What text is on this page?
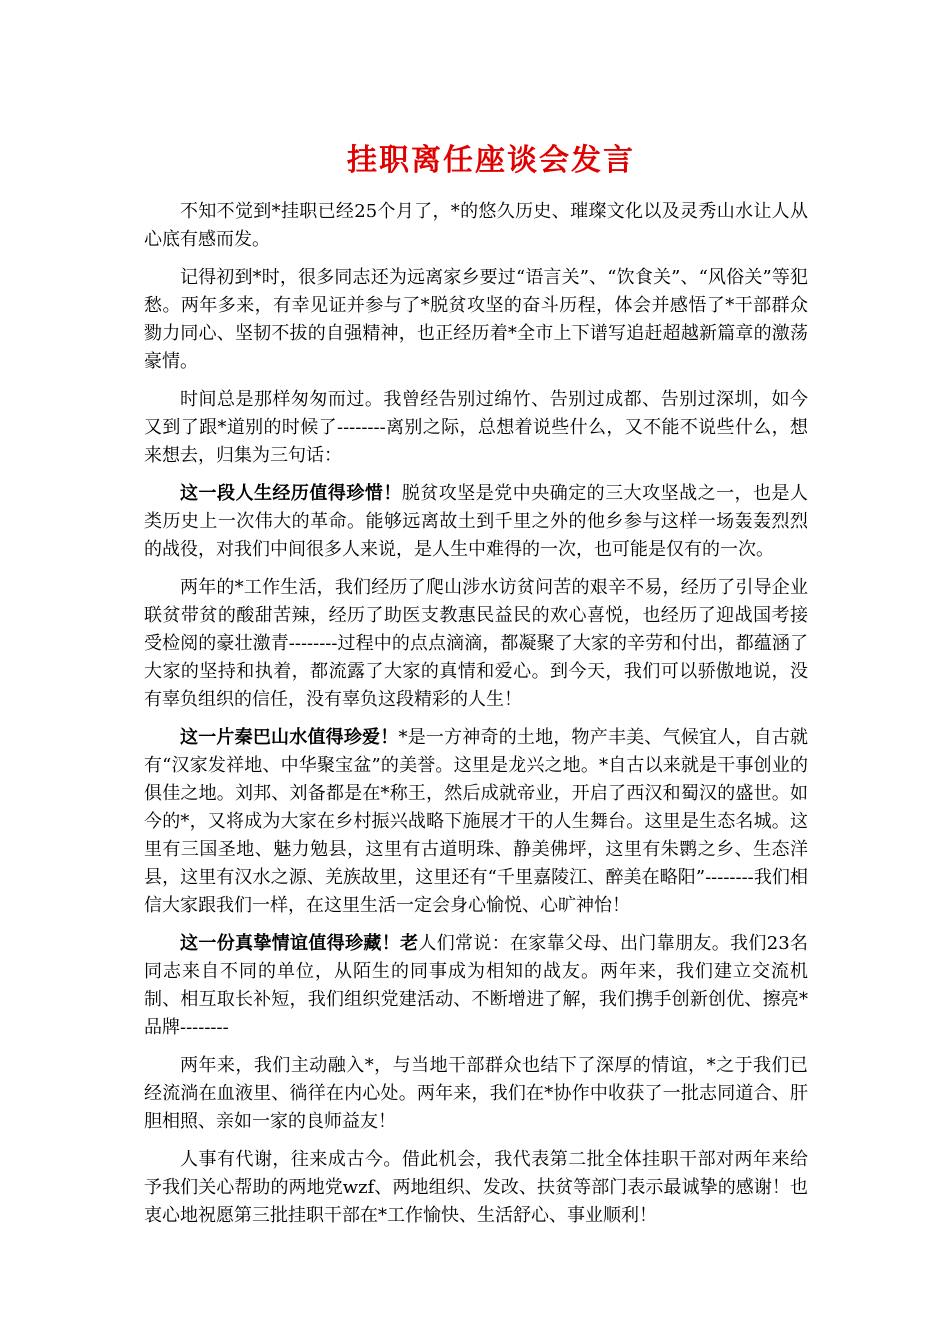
挂职离任座谈会发言

不知不觉到*挂职已经25个月了，*的悠久历史、璀璨文化以及灵秀山水让人从心底有感而发。

记得初到*时，很多同志还为远离家乡要过“语言关”、“饮食关”、“风俗关”等犯愁。两年多来，有幸见证并参与了*脱贫攻坚的奋斗历程，体会并感悟了*干部群众勠力同心、坚韧不拔的自强精神，也正经历着*全市上下谱写追赶超越新篇章的激荡豪情。

时间总是那样匆匆而过。我曾经告别过绵竹、告别过成都、告别过深圳，如今又到了跟*道别的时候了--------离别之际，总想着说些什么，又不能不说些什么，想来想去，归集为三句话：

这一段人生经历值得珍惜！脱贫攻坚是党中央确定的三大攻坚战之一，也是人类历史上一次伟大的革命。能够远离故土到千里之外的他乡参与这样一场轰轰烈烈的战役，对我们中间很多人来说，是人生中难得的一次，也可能是仅有的一次。

两年的*工作生活，我们经历了爬山涉水访贫问苦的艰辛不易，经历了引导企业联贫带贫的酸甜苦辣，经历了助医支教惠民益民的欢心喜悦，也经历了迎战国考接受检阅的豪壮激青--------过程中的点点滴滴，都凝聚了大家的辛劳和付出，都蕴涵了大家的坚持和执着，都流露了大家的真情和爱心。到今天，我们可以骄傲地说，没有辜负组织的信任，没有辜负这段精彩的人生！

这一片秦巴山水值得珍爱！*是一方神奇的土地，物产丰美、气候宜人，自古就有“汉家发祥地、中华聚宝盆”的美誉。这里是龙兴之地。*自古以来就是干事创业的俱佳之地。刘邦、刘备都是在*称王，然后成就帝业，开启了西汉和蜀汉的盛世。如今的*，又将成为大家在乡村振兴战略下施展才干的人生舞台。这里是生态名城。这里有三国圣地、魅力勉县，这里有古道明珠、静美佛坪，这里有朱鹮之乡、生态洋县，这里有汉水之源、羌族故里，这里还有“千里嘉陵江、醉美在略阳”--------我们相信大家跟我们一样，在这里生活一定会身心愉悦、心旷神怡！

这一份真挚情谊值得珍藏！老人们常说：在家靠父母、出门靠朋友。我们23名同志来自不同的单位，从陌生的同事成为相知的战友。两年来，我们建立交流机制、相互取长补短，我们组织党建活动、不断增进了解，我们携手创新创优、擦亮*品牌--------

两年来，我们主动融入*，与当地干部群众也结下了深厚的情谊，*之于我们已经流淌在血液里、徜徉在内心处。两年来，我们在*协作中收获了一批志同道合、肝胆相照、亲如一家的良师益友！

人事有代谢，往来成古今。借此机会，我代表第二批全体挂职干部对两年来给予我们关心帮助的两地党wzf、两地组织、发改、扶贫等部门表示最诚挚的感谢！也衷心地祝愿第三批挂职干部在*工作愉快、生活舒心、事业顺利！
